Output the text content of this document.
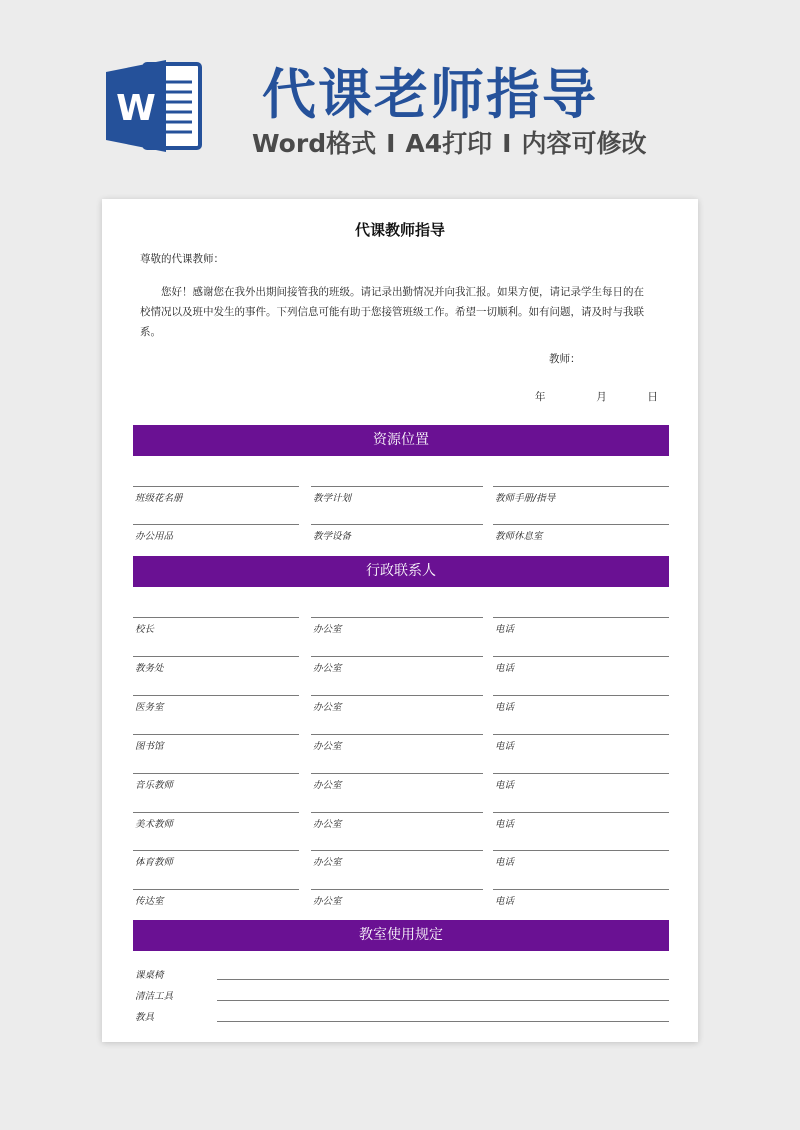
W 代课老师指导
Word格式 I A4打印 I 内容可修改
代课教师指导
尊敬的代课教师：
您好！感谢您在我外出期间接管我的班级。请记录出勤情况并向我汇报。如果方便，请记录学生每日的在校情况以及班中发生的事件。下列信息可能有助于您接管班级工作。希望一切顺利。如有问题，请及时与我联系。
教师：
年	月	日
资源位置
班级花名册	教学计划	教师手册/指导
办公用品	教学设备	教师休息室
行政联系人
校长	办公室	电话
教务处	办公室	电话
医务室	办公室	电话
图书馆	办公室	电话
音乐教师	办公室	电话
美术教师	办公室	电话
体育教师	办公室	电话
传达室	办公室	电话
教室使用规定
课桌椅
清洁工具
教具
